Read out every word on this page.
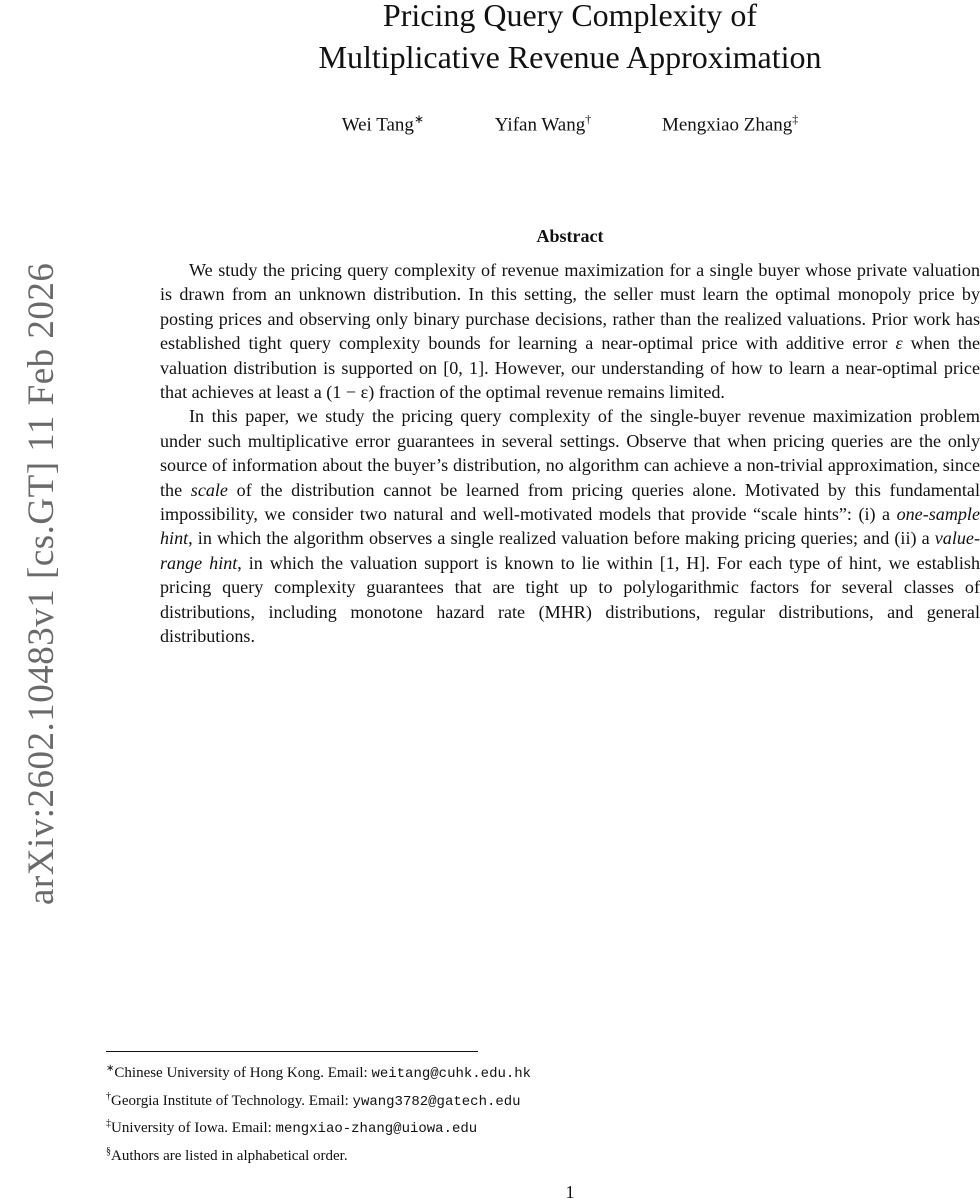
arXiv:2602.10483v1 [cs.GT] 11 Feb 2026
Pricing Query Complexity of
Multiplicative Revenue Approximation
Wei Tang∗	Yifan Wang†	Mengxiao Zhang‡
Abstract

We study the pricing query complexity of revenue maximization for a single buyer whose private valuation is drawn from an unknown distribution. In this setting, the seller must learn the optimal monopoly price by posting prices and observing only binary purchase decisions, rather than the realized valuations. Prior work has established tight query complexity bounds for learning a near-optimal price with additive error ε when the valuation distribution is supported on [0, 1]. However, our understanding of how to learn a near-optimal price that achieves at least a (1 − ε) fraction of the optimal revenue remains limited.

In this paper, we study the pricing query complexity of the single-buyer revenue maximization problem under such multiplicative error guarantees in several settings. Observe that when pricing queries are the only source of information about the buyer’s distribution, no algorithm can achieve a non-trivial approximation, since the scale of the distribution cannot be learned from pricing queries alone. Motivated by this fundamental impossibility, we consider two natural and well-motivated models that provide “scale hints”: (i) a one-sample hint, in which the algorithm observes a single realized valuation before making pricing queries; and (ii) a value-range hint, in which the valuation support is known to lie within [1, H]. For each type of hint, we establish pricing query complexity guarantees that are tight up to polylogarithmic factors for several classes of distributions, including monotone hazard rate (MHR) distributions, regular distributions, and general distributions.

∗Chinese University of Hong Kong. Email: weitang@cuhk.edu.hk
†Georgia Institute of Technology. Email: ywang3782@gatech.edu
‡University of Iowa. Email: mengxiao-zhang@uiowa.edu
§Authors are listed in alphabetical order.
1
